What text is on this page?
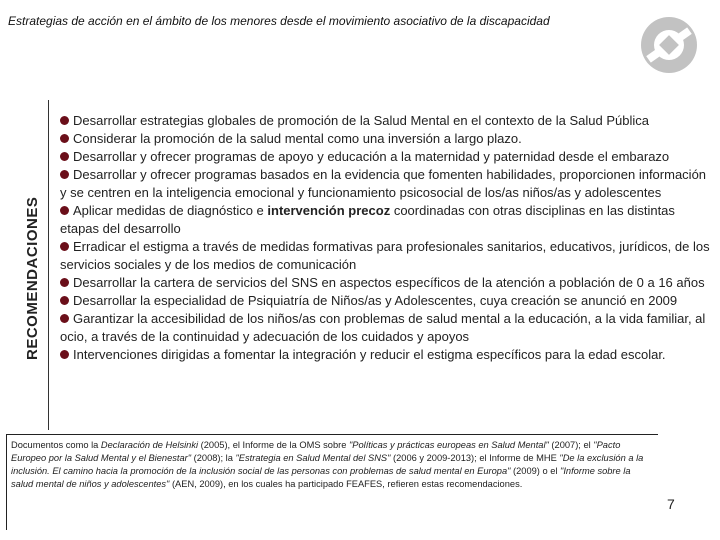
Estrategias de acción en el ámbito de los menores desde el movimiento asociativo de la discapacidad
RECOMENDACIONES

Desarrollar estrategias globales de promoción de la Salud Mental en el contexto de la Salud Pública

Considerar la promoción de la salud mental como una inversión a largo plazo.

Desarrollar y ofrecer programas de apoyo y educación a la maternidad y paternidad desde el embarazo

Desarrollar y ofrecer programas basados en la evidencia que fomenten habilidades, proporcionen información y se centren en la inteligencia emocional y funcionamiento psicosocial de los/as niños/as y adolescentes

Aplicar medidas de diagnóstico e intervención precoz coordinadas con otras disciplinas en las distintas etapas del desarrollo

Erradicar el estigma a través de medidas formativas para profesionales sanitarios, educativos, jurídicos, de los servicios sociales y de los medios de comunicación

Desarrollar la cartera de servicios del SNS en aspectos específicos de la atención a población de 0 a 16 años

Desarrollar la especialidad de Psiquiatría de Niños/as y Adolescentes, cuya creación se anunció en 2009

Garantizar la accesibilidad de los niños/as con problemas de salud mental a la educación, a la vida familiar, al ocio, a través de la continuidad y adecuación de los cuidados y apoyos

Intervenciones dirigidas a fomentar la integración y reducir el estigma específicos para la edad escolar.

Documentos como la Declaración de Helsinki (2005), el Informe de la OMS sobre "Políticas y prácticas europeas en Salud Mental" (2007); el "Pacto Europeo por la Salud Mental y el Bienestar" (2008); la "Estrategia en Salud Mental del SNS" (2006 y 2009-2013); el Informe de MHE "De la exclusión a la inclusión. El camino hacia la promoción de la inclusión social de las personas con problemas de salud mental en Europa" (2009) o el "Informe sobre la salud mental de niños y adolescentes" (AEN, 2009), en los cuales ha participado FEAFES, refieren estas recomendaciones.
7
